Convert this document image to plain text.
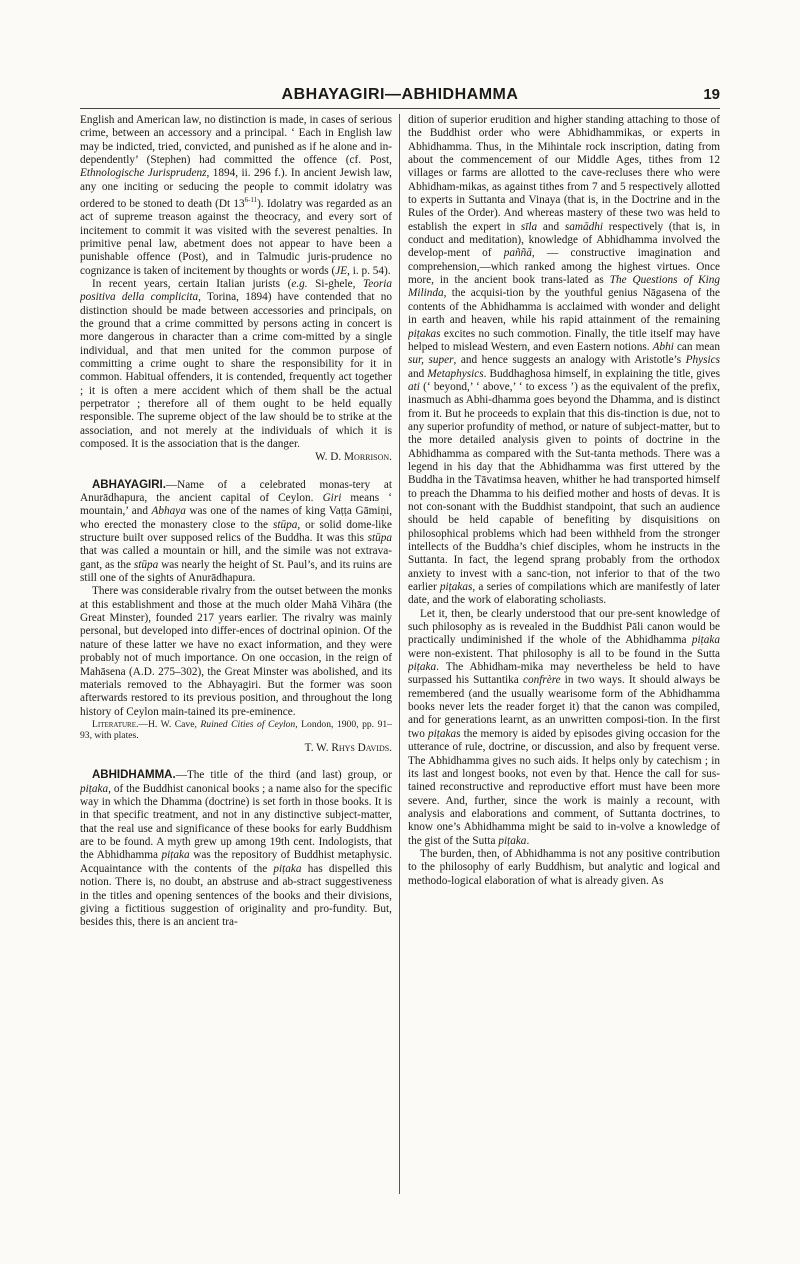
ABHAYAGIRI—ABHIDHAMMA	19

English and American law, no distinction is made, in cases of serious crime, between an accessory and a principal. ‘ Each in English law may be indicted, tried, convicted, and punished as if he alone and in-dependently’ (Stephen) had committed the offence (cf. Post, Ethnologische Jurisprudenz, 1894, ii. 296 f.). In ancient Jewish law, any one inciting or seducing the people to commit idolatry was ordered to be stoned to death (Dt 13$^{6-11}$). Idolatry was regarded as an act of supreme treason against the theocracy, and every sort of incitement to commit it was visited with the severest penalties. In primitive penal law, abetment does not appear to have been a punishable offence (Post), and in Talmudic juris-prudence no cognizance is taken of incitement by thoughts or words (JE, i. p. 54).

In recent years, certain Italian jurists (e.g. Si-ghele, Teoria positiva della complicita, Torina, 1894) have contended that no distinction should be made between accessories and principals, on the ground that a crime committed by persons acting in concert is more dangerous in character than a crime com-mitted by a single individual, and that men united for the common purpose of committing a crime ought to share the responsibility for it in common. Habitual offenders, it is contended, frequently act together ; it is often a mere accident which of them shall be the actual perpetrator ; therefore all of them ought to be held equally responsible. The supreme object of the law should be to strike at the association, and not merely at the individuals of which it is composed. It is the association that is the danger.

W. D. Morrison.

ABHAYAGIRI.—Name of a celebrated monas-tery at Anurādhapura, the ancient capital of Ceylon. Giri means ‘ mountain,’ and Abhaya was one of the names of king Vaṭṭa Gāmiṇi, who erected the monastery close to the stūpa, or solid dome-like structure built over supposed relics of the Buddha. It was this stūpa that was called a mountain or hill, and the simile was not extrava-gant, as the stūpa was nearly the height of St. Paul’s, and its ruins are still one of the sights of Anurādhapura.

There was considerable rivalry from the outset between the monks at this establishment and those at the much older Mahā Vihāra (the Great Minster), founded 217 years earlier. The rivalry was mainly personal, but developed into differ-ences of doctrinal opinion. Of the nature of these latter we have no exact information, and they were probably not of much importance. On one occasion, in the reign of Mahāsena (A.D. 275–302), the Great Minster was abolished, and its materials removed to the Abhayagiri. But the former was soon afterwards restored to its previous position, and throughout the long history of Ceylon main-tained its pre-eminence.

Literature.—H. W. Cave, Ruined Cities of Ceylon, London, 1900, pp. 91–93, with plates.

T. W. Rhys Davids.

ABHIDHAMMA.—The title of the third (and last) group, or piṭaka, of the Buddhist canonical books ; a name also for the specific way in which the Dhamma (doctrine) is set forth in those books. It is in that specific treatment, and not in any distinctive subject-matter, that the real use and significance of these books for early Buddhism are to be found. A myth grew up among 19th cent. Indologists, that the Abhidhamma piṭaka was the repository of Buddhist metaphysic. Acquaintance with the contents of the piṭaka has dispelled this notion. There is, no doubt, an abstruse and ab-stract suggestiveness in the titles and opening sentences of the books and their divisions, giving a fictitious suggestion of originality and pro-fundity. But, besides this, there is an ancient tra-

dition of superior erudition and higher standing attaching to those of the Buddhist order who were Abhidhammikas, or experts in Abhidhamma. Thus, in the Mihintale rock inscription, dating from about the commencement of our Middle Ages, tithes from 12 villages or farms are allotted to the cave-recluses there who were Abhidham-mikas, as against tithes from 7 and 5 respectively allotted to experts in Suttanta and Vinaya (that is, in the Doctrine and in the Rules of the Order). And whereas mastery of these two was held to establish the expert in sīla and samādhi respectively (that is, in conduct and meditation), knowledge of Abhidhamma involved the develop-ment of paññā, — constructive imagination and comprehension,—which ranked among the highest virtues. Once more, in the ancient book trans-lated as The Questions of King Milinda, the acquisi-tion by the youthful genius Nāgasena of the contents of the Abhidhamma is acclaimed with wonder and delight in earth and heaven, while his rapid attainment of the remaining piṭakas excites no such commotion. Finally, the title itself may have helped to mislead Western, and even Eastern notions. Abhi can mean sur, super, and hence suggests an analogy with Aristotle’s Physics and Metaphysics. Buddhaghosa himself, in explaining the title, gives ati (‘ beyond,’ ‘ above,’ ‘ to excess ’) as the equivalent of the prefix, inasmuch as Abhi-dhamma goes beyond the Dhamma, and is distinct from it. But he proceeds to explain that this dis-tinction is due, not to any superior profundity of method, or nature of subject-matter, but to the more detailed analysis given to points of doctrine in the Abhidhamma as compared with the Sut-tanta methods. There was a legend in his day that the Abhidhamma was first uttered by the Buddha in the Tāvatimsa heaven, whither he had transported himself to preach the Dhamma to his deified mother and hosts of devas. It is not con-sonant with the Buddhist standpoint, that such an audience should be held capable of benefiting by disquisitions on philosophical problems which had been withheld from the stronger intellects of the Buddha’s chief disciples, whom he instructs in the Suttanta. In fact, the legend sprang probably from the orthodox anxiety to invest with a sanc-tion, not inferior to that of the two earlier piṭakas, a series of compilations which are manifestly of later date, and the work of elaborating scholiasts.

Let it, then, be clearly understood that our pre-sent knowledge of such philosophy as is revealed in the Buddhist Pāli canon would be practically undiminished if the whole of the Abhidhamma piṭaka were non-existent. That philosophy is all to be found in the Sutta piṭaka. The Abhidham-mika may nevertheless be held to have surpassed his Suttantika confrère in two ways. It should always be remembered (and the usually wearisome form of the Abhidhamma books never lets the reader forget it) that the canon was compiled, and for generations learnt, as an unwritten composi-tion. In the first two piṭakas the memory is aided by episodes giving occasion for the utterance of rule, doctrine, or discussion, and also by frequent verse. The Abhidhamma gives no such aids. It helps only by catechism ; in its last and longest books, not even by that. Hence the call for sus-tained reconstructive and reproductive effort must have been more severe. And, further, since the work is mainly a recount, with analysis and elaborations and comment, of Suttanta doctrines, to know one’s Abhidhamma might be said to in-volve a knowledge of the gist of the Sutta piṭaka.

The burden, then, of Abhidhamma is not any positive contribution to the philosophy of early Buddhism, but analytic and logical and methodo-logical elaboration of what is already given. As
